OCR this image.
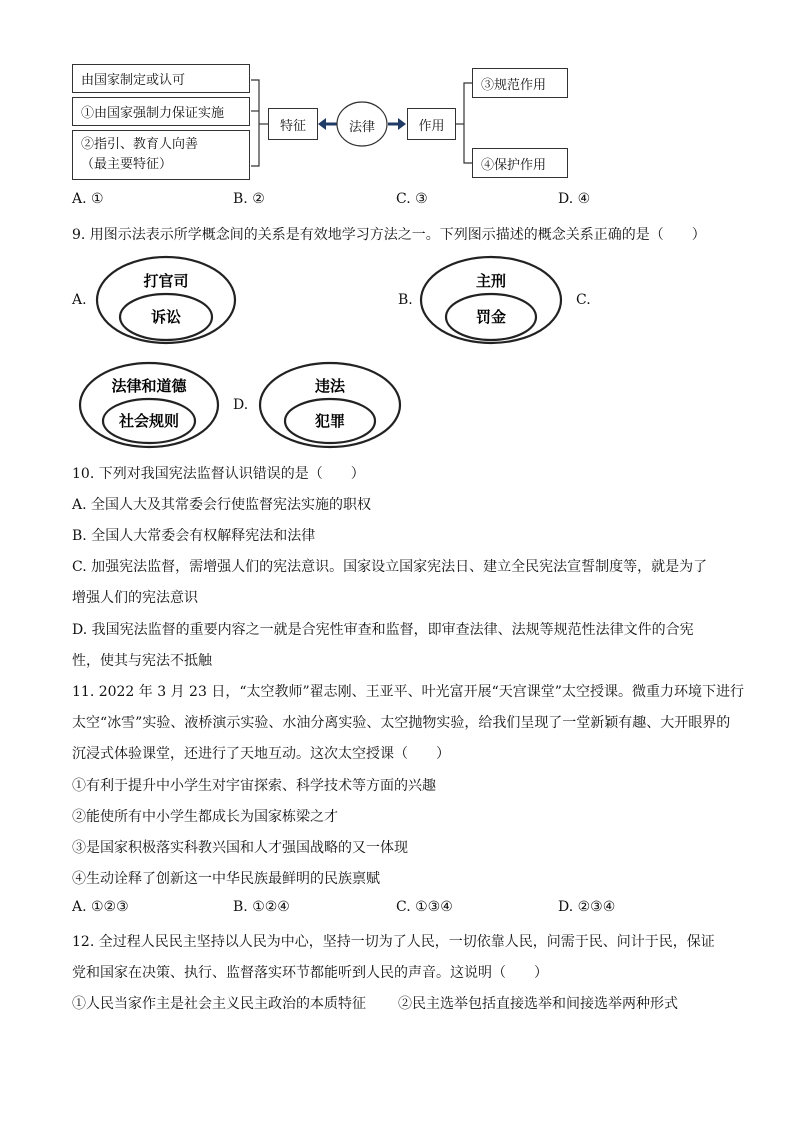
由国家制定或认可
①由国家强制力保证实施
②指引、教育人向善
（最主要特征）
特征	法律	作用
③规范作用
④保护作用
A. ①	B. ②	C. ③	D. ④
9. 用图示法表示所学概念间的关系是有效地学习方法之一。下列图示描述的概念关系正确的是（　　）
A.	B.	C.
D.
打官司
诉讼
主刑
罚金
法律和道德
社会规则
违法
犯罪
10. 下列对我国宪法监督认识错误的是（　　）
A. 全国人大及其常委会行使监督宪法实施的职权
B. 全国人大常委会有权解释宪法和法律
C. 加强宪法监督，需增强人们的宪法意识。国家设立国家宪法日、建立全民宪法宣誓制度等，就是为了
增强人们的宪法意识
D. 我国宪法监督的重要内容之一就是合宪性审查和监督，即审查法律、法规等规范性法律文件的合宪
性，使其与宪法不抵触
11. 2022 年 3 月 23 日，“太空教师”翟志刚、王亚平、叶光富开展“天宫课堂”太空授课。微重力环境下进行
太空“冰雪”实验、液桥演示实验、水油分离实验、太空抛物实验，给我们呈现了一堂新颖有趣、大开眼界的
沉浸式体验课堂，还进行了天地互动。这次太空授课（　　）
①有利于提升中小学生对宇宙探索、科学技术等方面的兴趣
②能使所有中小学生都成长为国家栋梁之才
③是国家积极落实科教兴国和人才强国战略的又一体现
④生动诠释了创新这一中华民族最鲜明的民族禀赋
A. ①②③	B. ①②④	C. ①③④	D. ②③④
12. 全过程人民民主坚持以人民为中心，坚持一切为了人民，一切依靠人民，问需于民、问计于民，保证
党和国家在决策、执行、监督落实环节都能听到人民的声音。这说明（　　）
①人民当家作主是社会主义民主政治的本质特征 ②民主选举包括直接选举和间接选举两种形式
